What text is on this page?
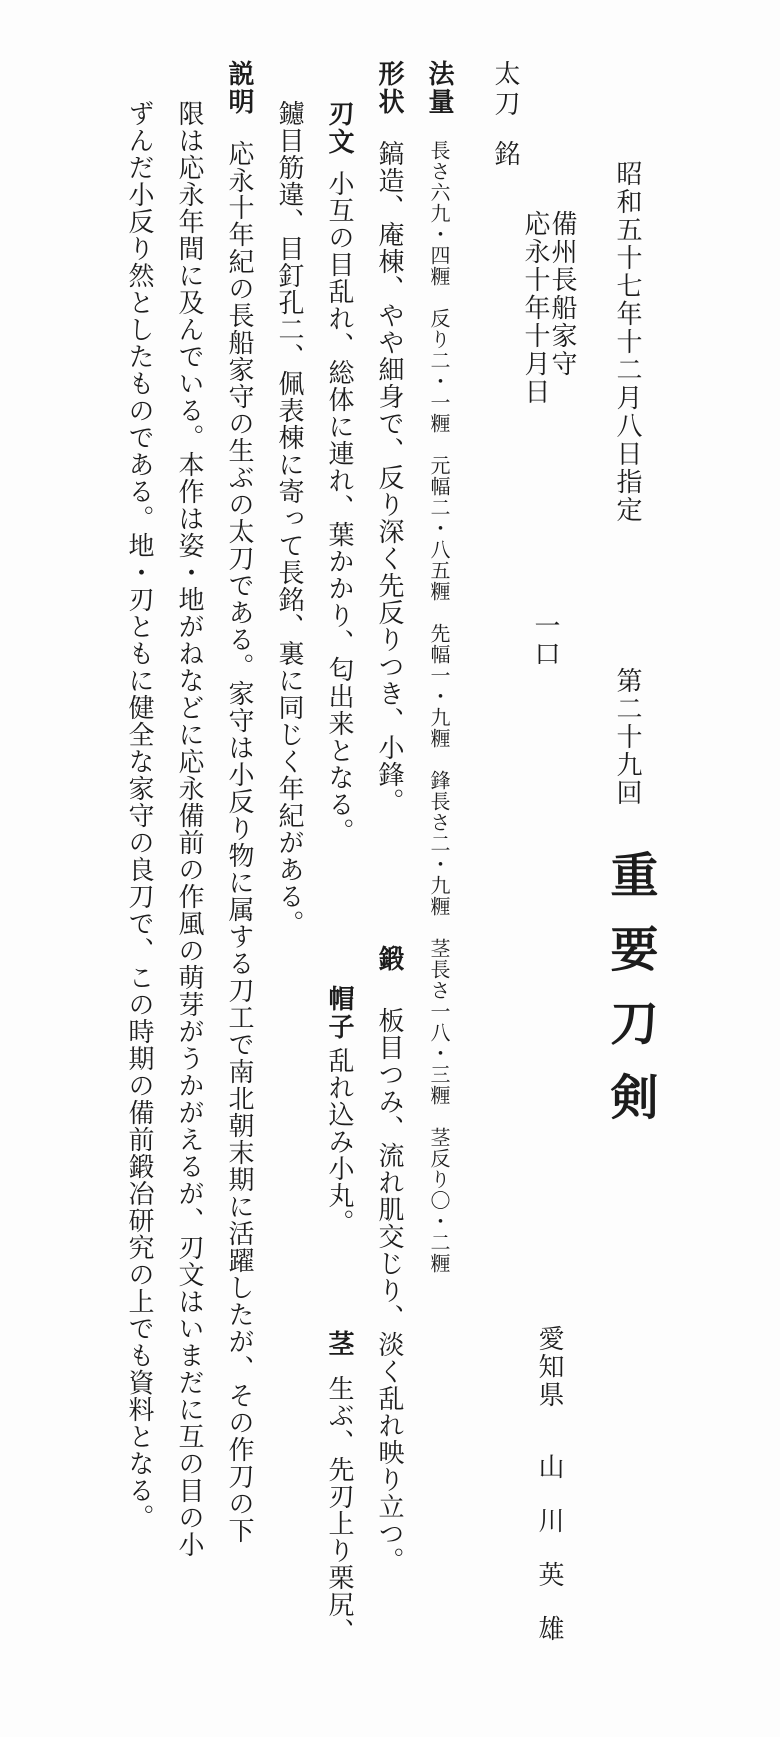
昭和五十七年十二月八日指定
第二十九回
重要刀剣
備州長船家守
応永十年十月日
一口
愛知県
山川英雄
太刀
銘
法量
長さ六九・四糎　反り二・一糎　元幅二・八五糎　先幅一・九糎　鋒長さ二・九糎　茎長さ一八・三糎　茎反り〇・二糎
形状
鎬造、庵棟、やや細身で、反り深く先反りつき、小鋒。
鍛
板目つみ、流れ肌交じり、淡く乱れ映り立つ。
刃文
小互の目乱れ、総体に連れ、葉かかり、匂出来となる。
帽子
乱れ込み小丸。
茎
生ぶ、先刃上り栗尻、
鑢目筋違、目釘孔二、佩表棟に寄って長銘、裏に同じく年紀がある。
説明
応永十年紀の長船家守の生ぶの太刀である。家守は小反り物に属する刀工で南北朝末期に活躍したが、その作刀の下
限は応永年間に及んでいる。本作は姿・地がねなどに応永備前の作風の萌芽がうかがえるが、刃文はいまだに互の目の小
ずんだ小反り然としたものである。地・刃ともに健全な家守の良刀で、この時期の備前鍛冶研究の上でも資料となる。
